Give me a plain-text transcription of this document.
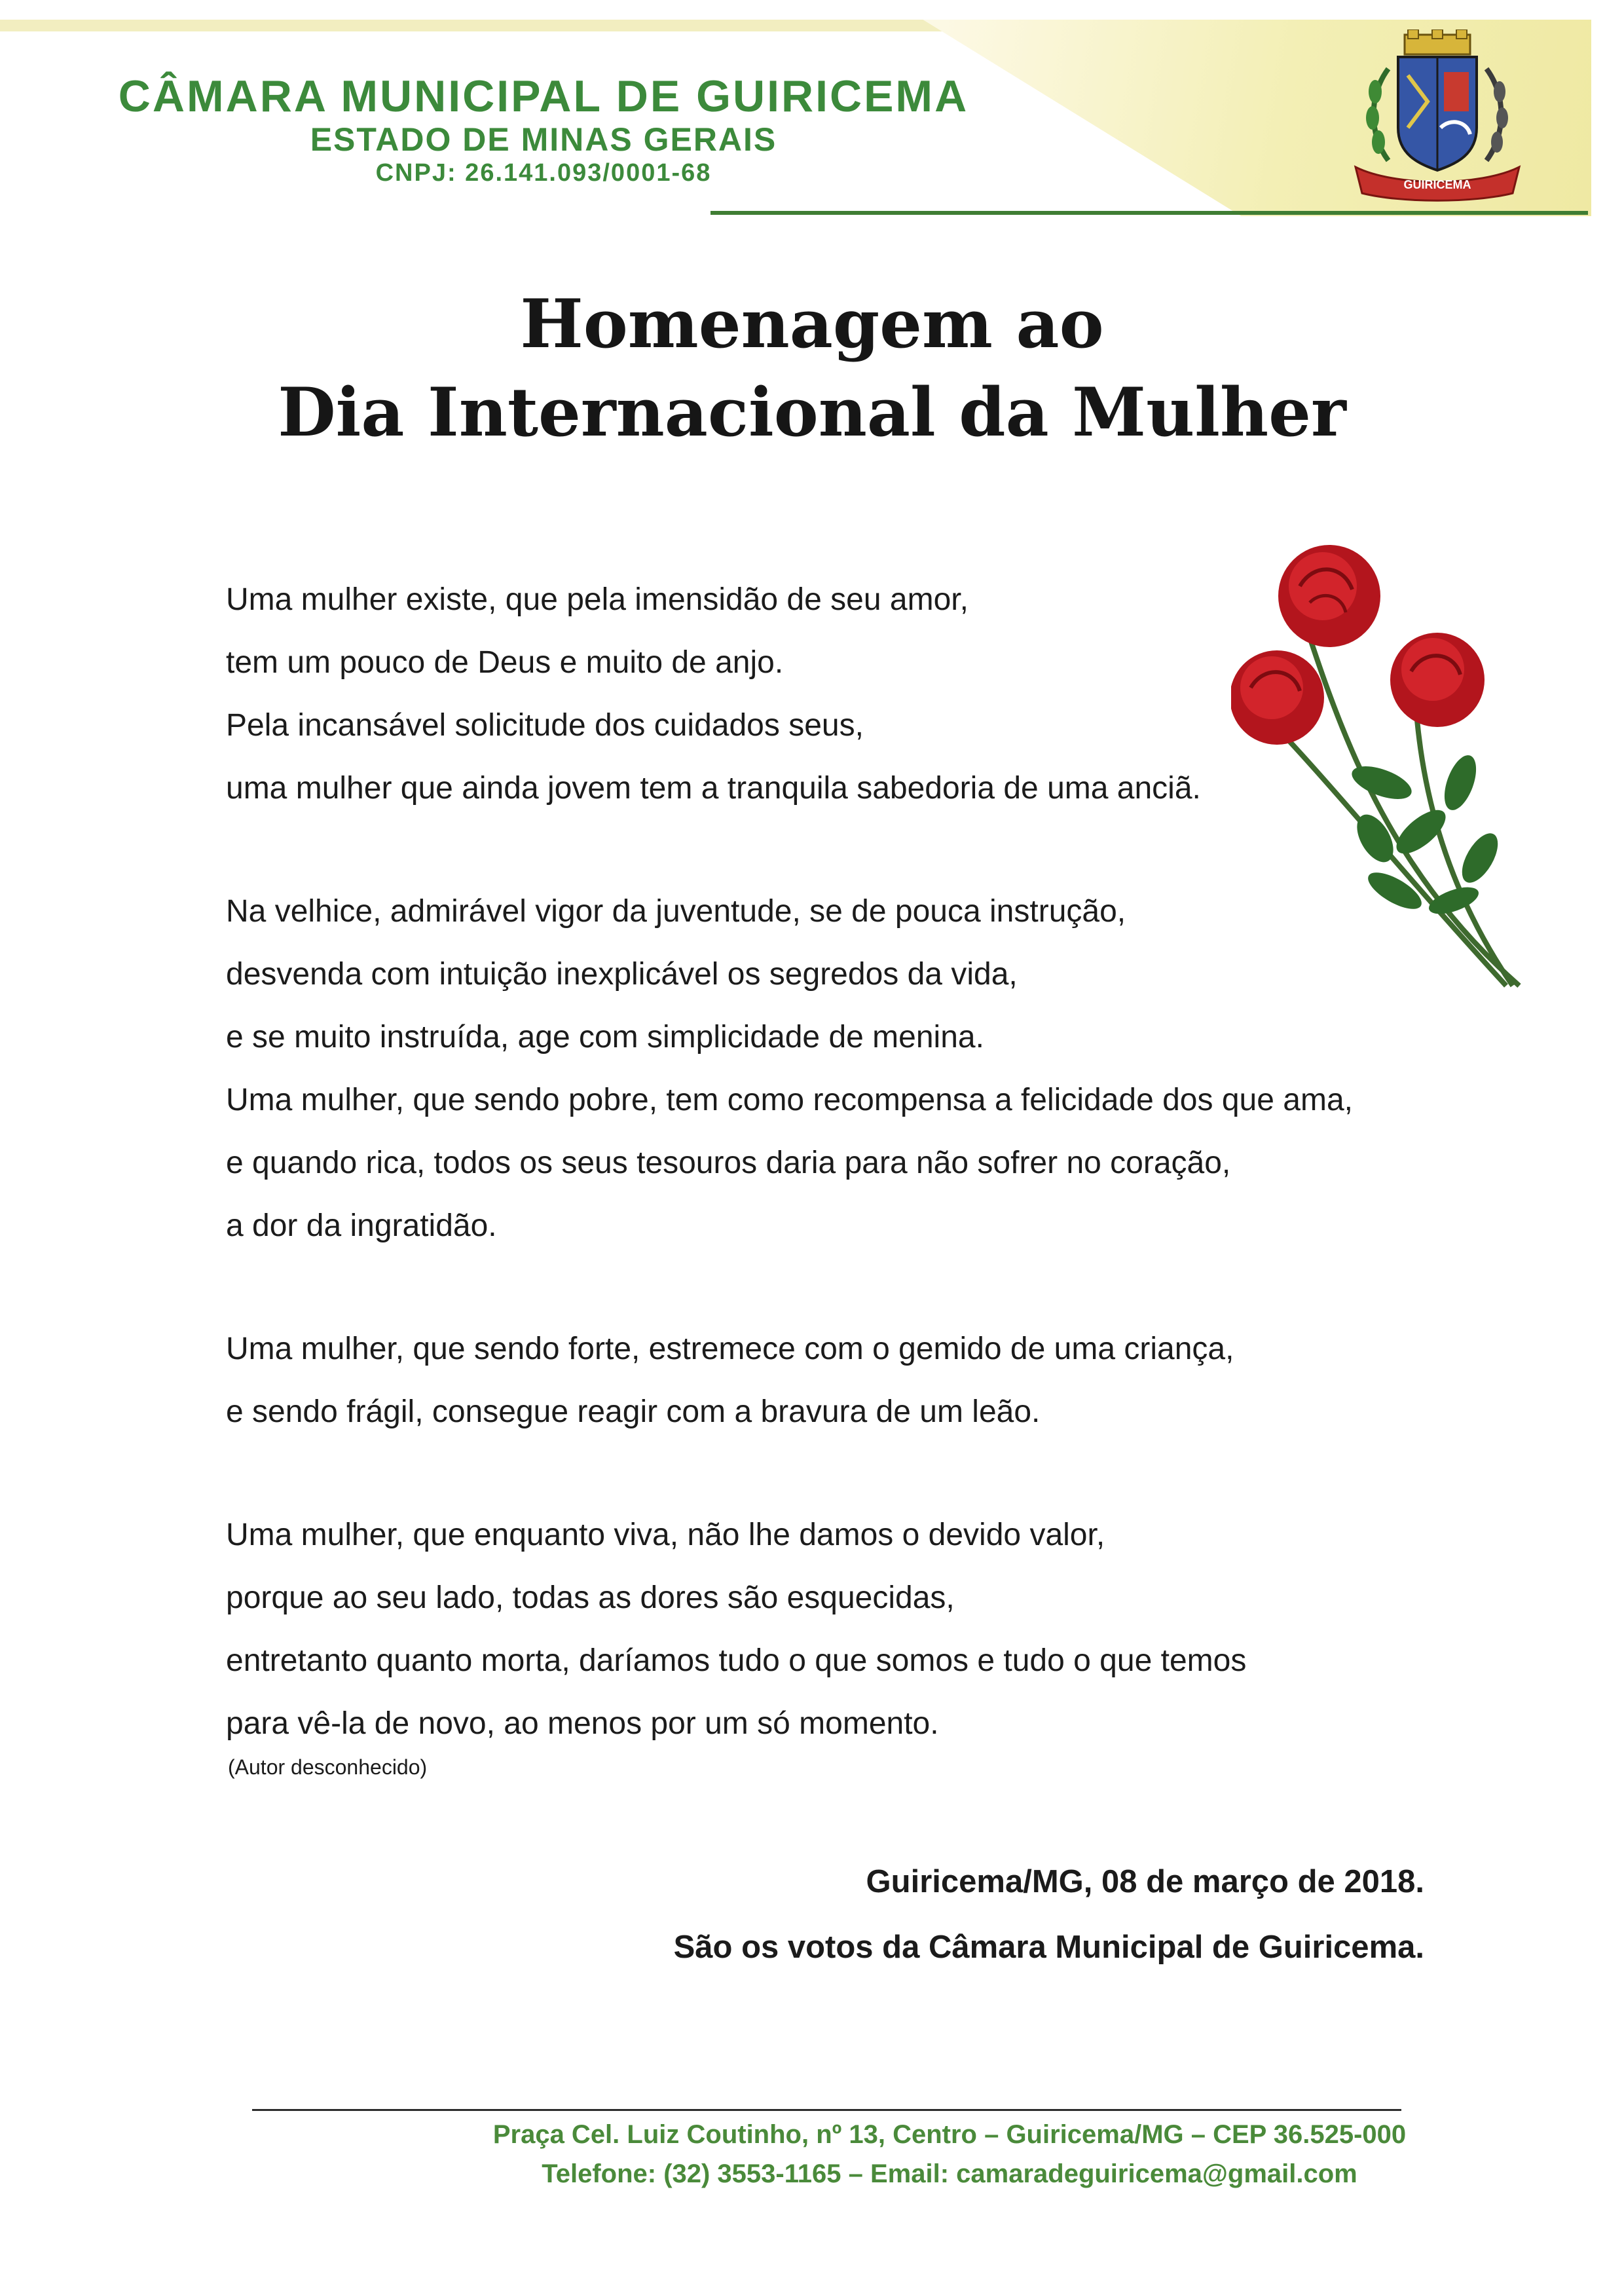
CÂMARA MUNICIPAL DE GUIRICEMA
ESTADO DE MINAS GERAIS
CNPJ: 26.141.093/0001-68	GUIRICEMA
Homenagem ao
Dia Internacional da Mulher
Uma mulher existe, que pela imensidão de seu amor,
tem um pouco de Deus e muito de anjo.
Pela incansável solicitude dos cuidados seus,
uma mulher que ainda jovem tem a tranquila sabedoria de uma anciã.
Na velhice, admirável vigor da juventude, se de pouca instrução,
desvenda com intuição inexplicável os segredos da vida,
e se muito instruída, age com simplicidade de menina.
Uma mulher, que sendo pobre, tem como recompensa a felicidade dos que ama,
e quando rica, todos os seus tesouros daria para não sofrer no coração,
a dor da ingratidão.
Uma mulher, que sendo forte, estremece com o gemido de uma criança,
e sendo frágil, consegue reagir com a bravura de um leão.
Uma mulher, que enquanto viva, não lhe damos o devido valor,
porque ao seu lado, todas as dores são esquecidas,
entretanto quanto morta, daríamos tudo o que somos e tudo o que temos
para vê-la de novo, ao menos por um só momento.
(Autor desconhecido)
Guiricema/MG, 08 de março de 2018.
São os votos da Câmara Municipal de Guiricema.
Praça Cel. Luiz Coutinho, nº 13, Centro – Guiricema/MG – CEP 36.525-000
Telefone: (32) 3553-1165 – Email: camaradeguiricema@gmail.com
